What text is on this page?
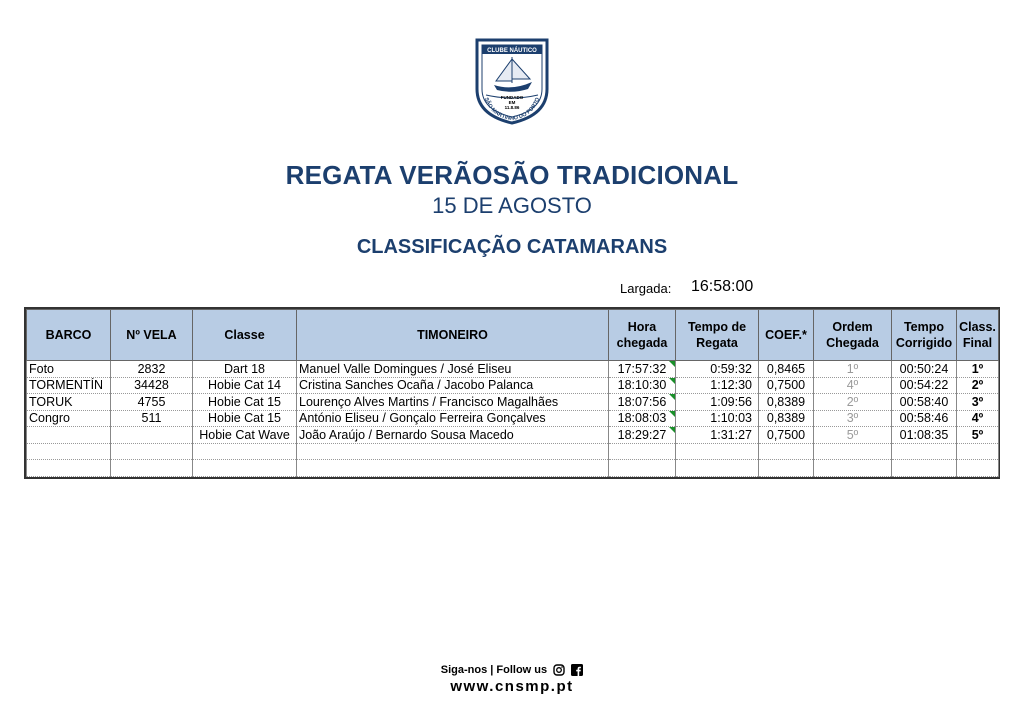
CLUBE NÁUTICO
FUNDADO
EM
11.8.86
SÃO MARTINHO DO PORTO
REGATA VERÃOSÃO TRADICIONAL
15 DE AGOSTO
CLASSIFICAÇÃO CATAMARANS
Largada: 16:58:00
BARCO	Nº VELA	Classe	TIMONEIRO	Hora chegada	Tempo de Regata	COEF.*	Ordem Chegada	Tempo Corrigido	Class. Final
Foto	2832	Dart 18	Manuel Valle Domingues / José Eliseu	17:57:32	0:59:32	0,8465	1º	00:50:24	1º
TORMENTÍN	34428	Hobie Cat 14	Cristina Sanches Ocaña / Jacobo Palanca	18:10:30	1:12:30	0,7500	4º	00:54:22	2º
TORUK	4755	Hobie Cat 15	Lourenço Alves Martins / Francisco Magalhães	18:07:56	1:09:56	0,8389	2º	00:58:40	3º
Congro	511	Hobie Cat 15	António Eliseu / Gonçalo Ferreira Gonçalves	18:08:03	1:10:03	0,8389	3º	00:58:46	4º
		Hobie Cat Wave	João Araújo / Bernardo Sousa Macedo	18:29:27	1:31:27	0,7500	5º	01:08:35	5º

Siga-nos | Follow us
www.cnsmp.pt
